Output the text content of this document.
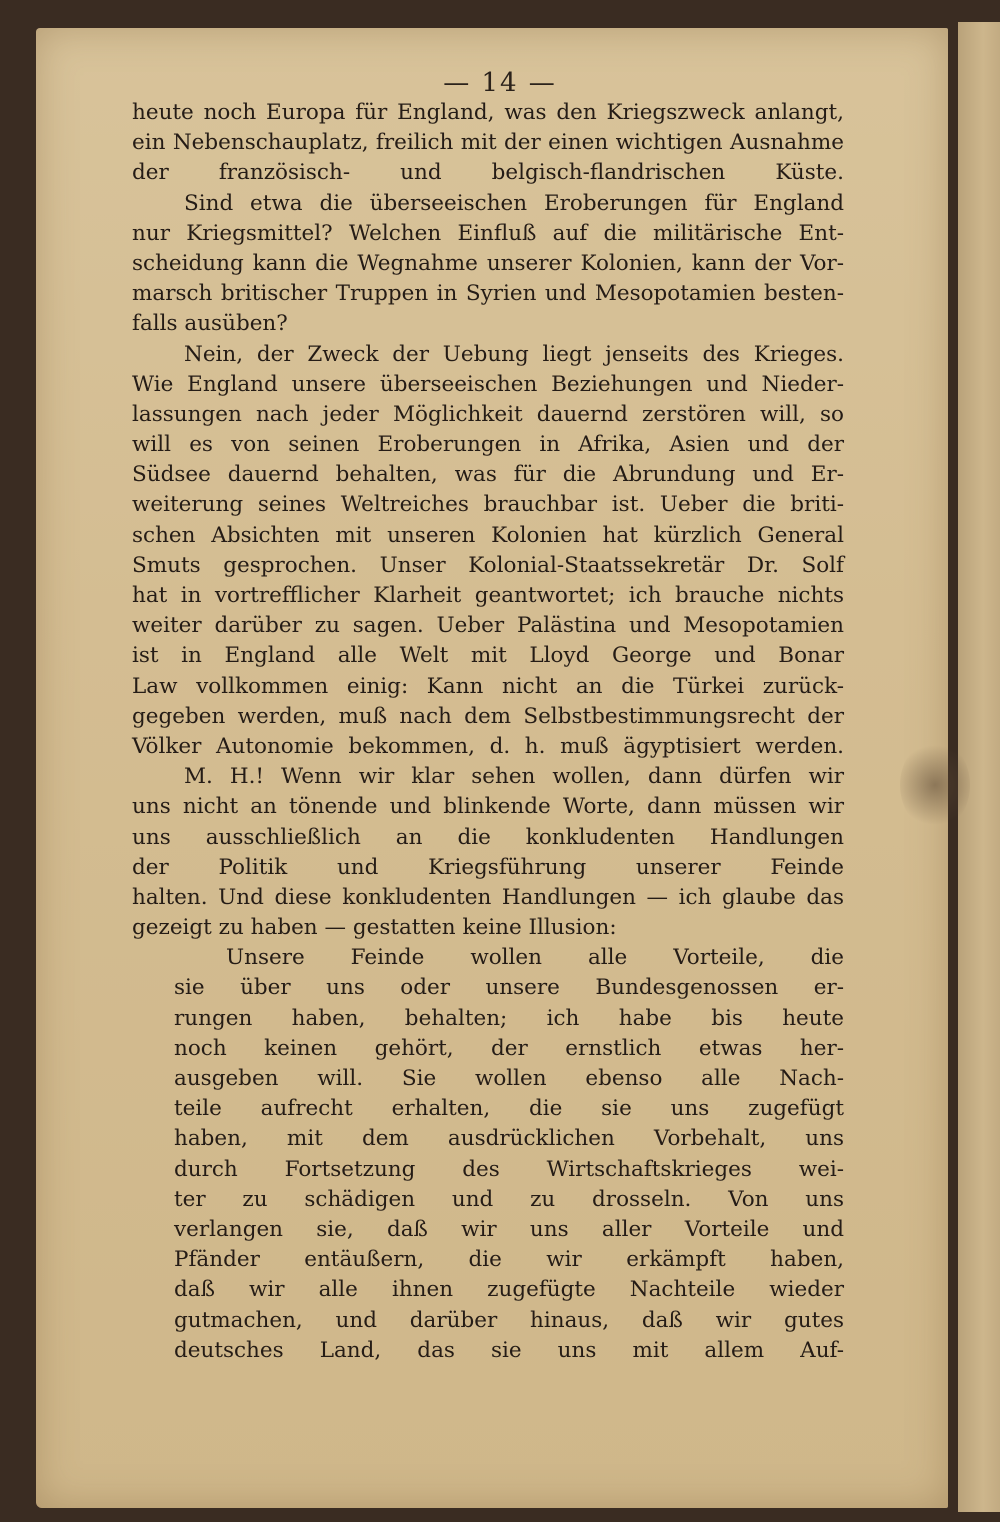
— 14 —
heute noch Europa für England, was den Kriegszweck anlangt,
ein Nebenschauplatz, freilich mit der einen wichtigen Ausnahme
der französisch- und belgisch-flandrischen Küste.
Sind etwa die überseeischen Eroberungen für England
nur Kriegsmittel? Welchen Einfluß auf die militärische Ent-
scheidung kann die Wegnahme unserer Kolonien, kann der Vor-
marsch britischer Truppen in Syrien und Mesopotamien besten-
falls ausüben?
Nein, der Zweck der Uebung liegt jenseits des Krieges.
Wie England unsere überseeischen Beziehungen und Nieder-
lassungen nach jeder Möglichkeit dauernd zerstören will, so
will es von seinen Eroberungen in Afrika, Asien und der
Südsee dauernd behalten, was für die Abrundung und Er-
weiterung seines Weltreiches brauchbar ist. Ueber die briti-
schen Absichten mit unseren Kolonien hat kürzlich General
Smuts gesprochen. Unser Kolonial-Staatssekretär Dr. Solf
hat in vortrefflicher Klarheit geantwortet; ich brauche nichts
weiter darüber zu sagen. Ueber Palästina und Mesopotamien
ist in England alle Welt mit Lloyd George und Bonar
Law vollkommen einig: Kann nicht an die Türkei zurück-
gegeben werden, muß nach dem Selbstbestimmungsrecht der
Völker Autonomie bekommen, d. h. muß ägyptisiert werden.
M. H.! Wenn wir klar sehen wollen, dann dürfen wir
uns nicht an tönende und blinkende Worte, dann müssen wir
uns ausschließlich an die konkludenten Handlungen
der Politik und Kriegsführung unserer Feinde
halten. Und diese konkludenten Handlungen — ich glaube das
gezeigt zu haben — gestatten keine Illusion:
Unsere Feinde wollen alle Vorteile, die
sie über uns oder unsere Bundesgenossen er-
rungen haben, behalten; ich habe bis heute
noch keinen gehört, der ernstlich etwas her-
ausgeben will. Sie wollen ebenso alle Nach-
teile aufrecht erhalten, die sie uns zugefügt
haben, mit dem ausdrücklichen Vorbehalt, uns
durch Fortsetzung des Wirtschaftskrieges wei-
ter zu schädigen und zu drosseln. Von uns
verlangen sie, daß wir uns aller Vorteile und
Pfänder entäußern, die wir erkämpft haben,
daß wir alle ihnen zugefügte Nachteile wieder
gutmachen, und darüber hinaus, daß wir gutes
deutsches Land, das sie uns mit allem Auf-
